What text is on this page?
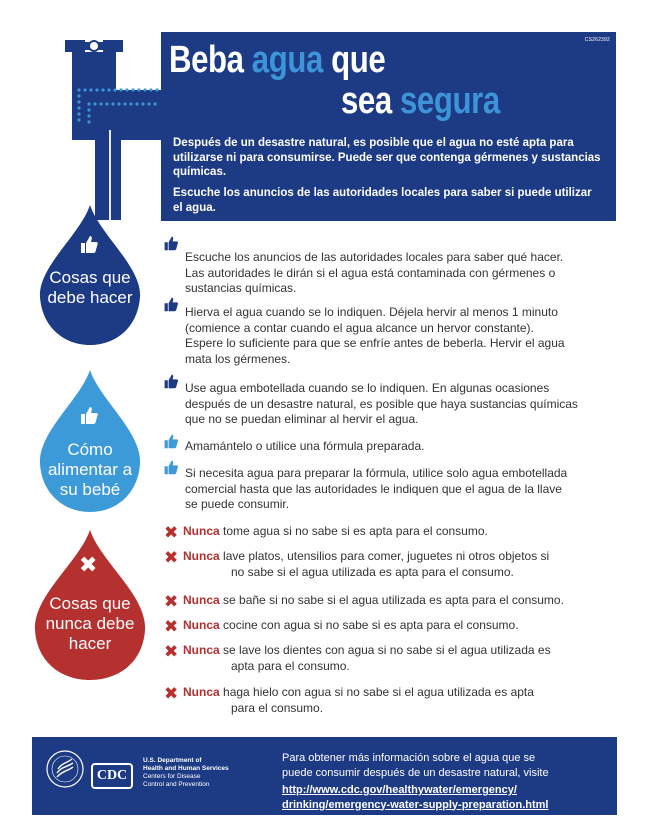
CS262392
Beba agua que
sea segura
Después de un desastre natural, es posible que el agua no esté apta para utilizarse ni para consumirse. Puede ser que contenga gérmenes y sustancias químicas.
Escuche los anuncios de las autoridades locales para saber si puede utilizar el agua.
Cosas que
debe hacer
Cómo
alimentar a
su bebé
✖
Cosas que
nunca debe
hacer
Escuche los anuncios de las autoridades locales para saber qué hacer.
Las autoridades le dirán si el agua está contaminada con gérmenes o
sustancias químicas.
Hierva el agua cuando se lo indiquen. Déjela hervir al menos 1 minuto
(comience a contar cuando el agua alcance un hervor constante).
Espere lo suficiente para que se enfríe antes de beberla. Hervir el agua
mata los gérmenes.
Use agua embotellada cuando se lo indiquen. En algunas ocasiones
después de un desastre natural, es posible que haya sustancias químicas
que no se puedan eliminar al hervir el agua.
Amamántelo o utilice una fórmula preparada.
Si necesita agua para preparar la fórmula, utilice solo agua embotellada
comercial hasta que las autoridades le indiquen que el agua de la llave
se puede consumir.
✖ Nunca tome agua si no sabe si es apta para el consumo.
✖ Nunca lave platos, utensilios para comer, juguetes ni otros objetos si
no sabe si el agua utilizada es apta para el consumo.
✖ Nunca se bañe si no sabe si el agua utilizada es apta para el consumo.
✖ Nunca cocine con agua si no sabe si es apta para el consumo.
✖ Nunca se lave los dientes con agua si no sabe si el agua utilizada es
apta para el consumo.
✖ Nunca haga hielo con agua si no sabe si el agua utilizada es apta
para el consumo.
CDC
U.S. Department of
Health and Human Services
Centers for Disease
Control and Prevention
Para obtener más información sobre el agua que se
puede consumir después de un desastre natural, visite
http://www.cdc.gov/healthywater/emergency/
drinking/emergency-water-supply-preparation.html
